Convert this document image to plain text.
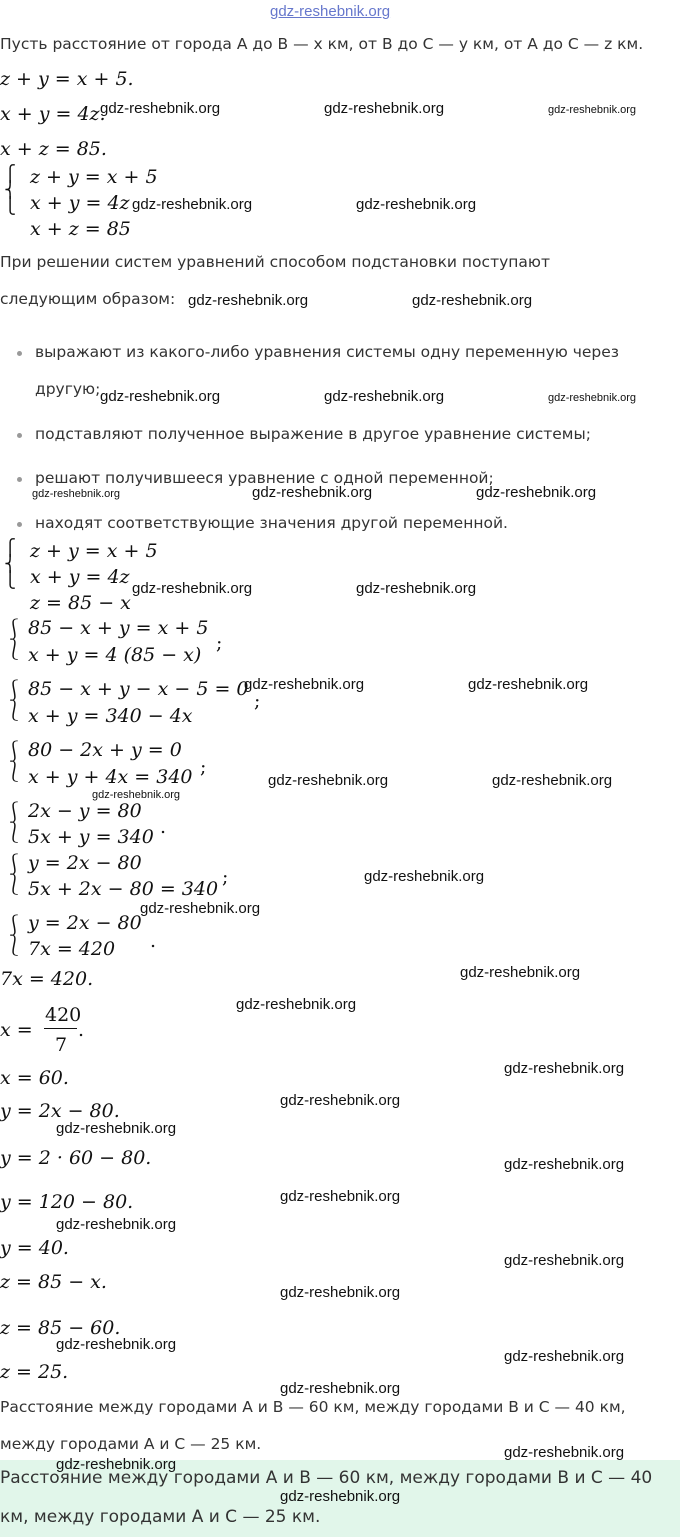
gdz-reshebnik.org
Пусть расстояние от города А до В — x км, от В до С — y км, от А до С — z км.
z + y = x + 5.
x + y = 4z.
x + z = 85.
⎧
⎨
⎩
z + y = x + 5
x + y = 4z
x + z = 85
При решении систем уравнений способом подстановки поступают
следующим образом:
выражают из какого-либо уравнения системы одну переменную через
другую;
подставляют полученное выражение в другое уравнение системы;
решают получившееся уравнение с одной переменной;
находят соответствующие значения другой переменной.
⎧
⎨
⎩
z + y = x + 5
x + y = 4z
z = 85 − x
⎰
⎱
85 − x + y = x + 5
x + y = 4 (85 − x)
;
⎰
⎱
85 − x + y − x − 5 = 0
x + y = 340 − 4x
;
⎰
⎱
80 − 2x + y = 0
x + y + 4x = 340 ;
⎰
⎱
2x − y = 80
5x + y = 340 .
⎰
⎱
y = 2x − 80
5x + 2x − 80 = 340
;
⎰
⎱
y = 2x − 80
7x = 420 .
7x = 420.
x =
420
7
.
x = 60.
y = 2x − 80.
y = 2 · 60 − 80.
y = 120 − 80.
y = 40.
z = 85 − x.
z = 85 − 60.
z = 25.
Расстояние между городами А и В — 60 км, между городами В и С — 40 км,
между городами А и С — 25 км.
Расстояние между городами А и В — 60 км, между городами В и С — 40
км, между городами А и С — 25 км.
gdz-reshebnik.org	gdz-reshebnik.org	gdz-reshebnik.org
gdz-reshebnik.org	gdz-reshebnik.org
gdz-reshebnik.org	gdz-reshebnik.org
gdz-reshebnik.org	gdz-reshebnik.org	gdz-reshebnik.org
gdz-reshebnik.org	gdz-reshebnik.org	gdz-reshebnik.org
gdz-reshebnik.org	gdz-reshebnik.org
gdz-reshebnik.org	gdz-reshebnik.org
gdz-reshebnik.org	gdz-reshebnik.org
gdz-reshebnik.org
gdz-reshebnik.org
gdz-reshebnik.org
gdz-reshebnik.org
gdz-reshebnik.org
gdz-reshebnik.org
gdz-reshebnik.org
gdz-reshebnik.org
gdz-reshebnik.org
gdz-reshebnik.org
gdz-reshebnik.org
gdz-reshebnik.org
gdz-reshebnik.org
gdz-reshebnik.org
gdz-reshebnik.org
gdz-reshebnik.org
gdz-reshebnik.org
gdz-reshebnik.org
gdz-reshebnik.org
